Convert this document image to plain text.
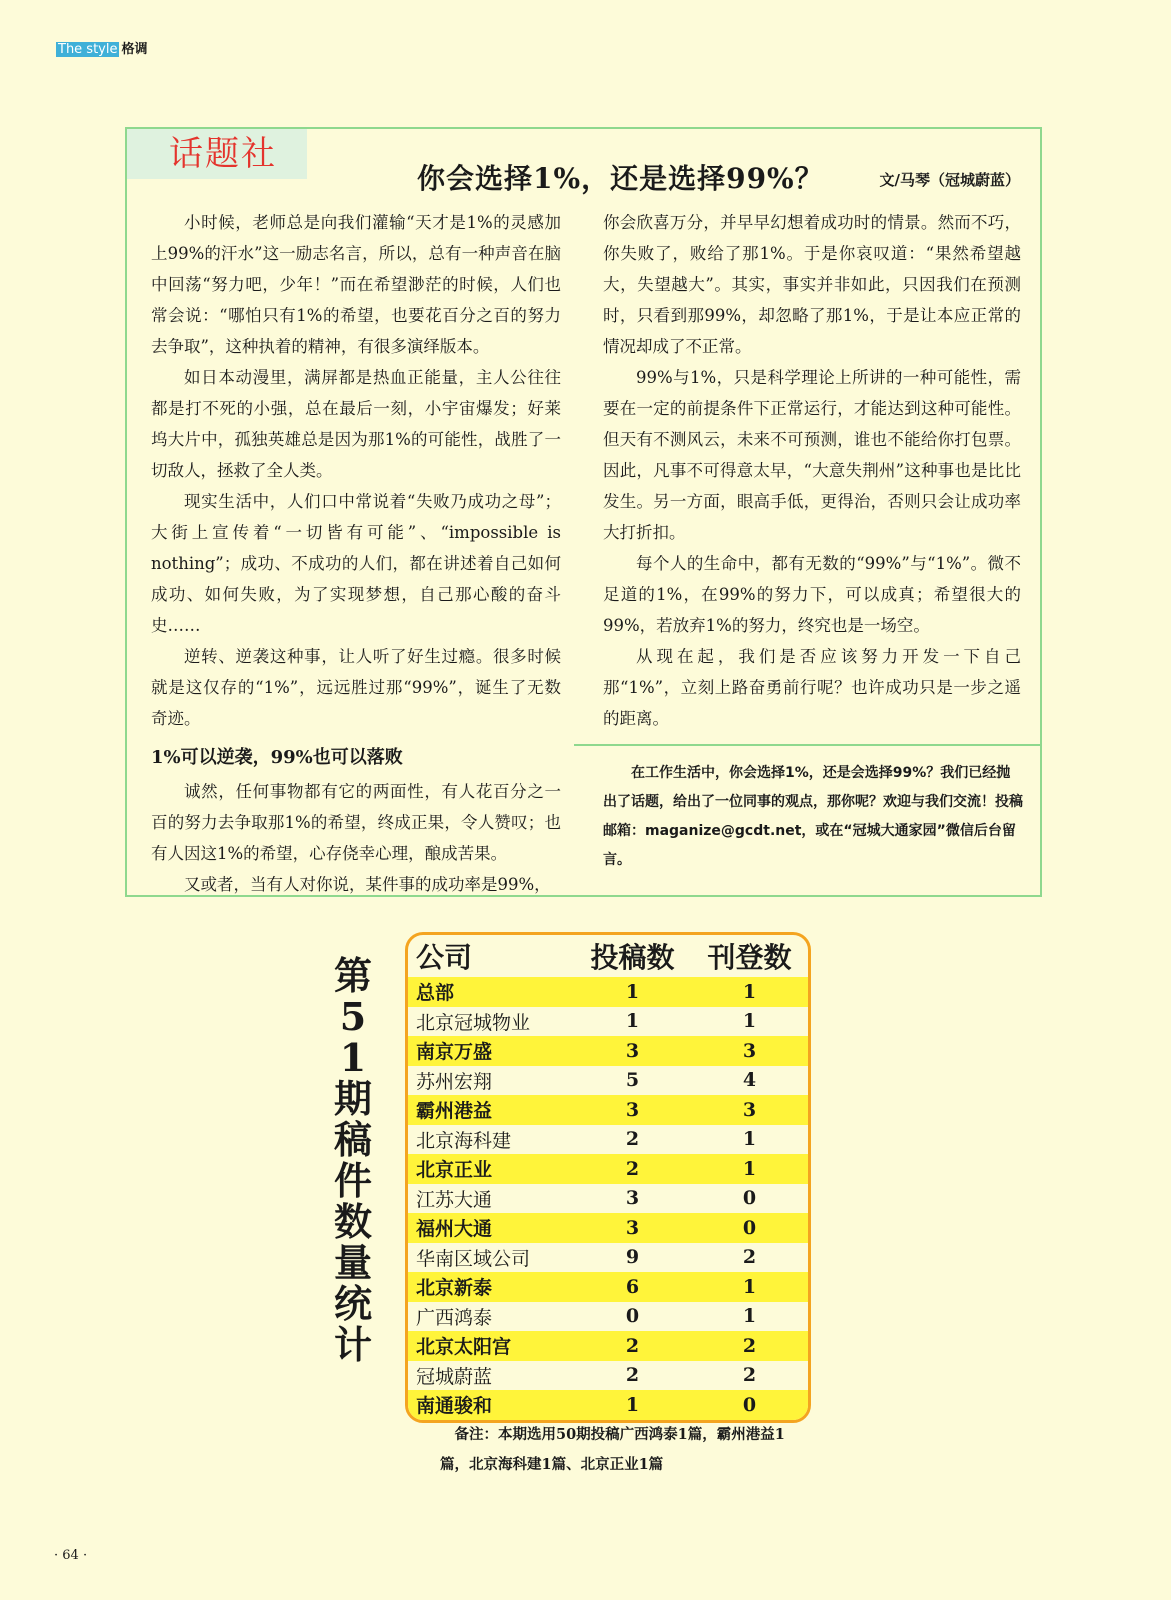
The style 格调
话题社
你会选择1%，还是选择99%？	文/马琴（冠城蔚蓝）

小时候，老师总是向我们灌输“天才是1%的灵感加上99%的汗水”这一励志名言，所以，总有一种声音在脑中回荡“努力吧，少年！”而在希望渺茫的时候，人们也常会说：“哪怕只有1%的希望，也要花百分之百的努力去争取”，这种执着的精神，有很多演绎版本。

如日本动漫里，满屏都是热血正能量，主人公往往都是打不死的小强，总在最后一刻，小宇宙爆发；好莱坞大片中，孤独英雄总是因为那1%的可能性，战胜了一切敌人，拯救了全人类。

现实生活中，人们口中常说着“失败乃成功之母”；大街上宣传着“一切皆有可能”、“impossible is nothing”；成功、不成功的人们，都在讲述着自己如何成功、如何失败，为了实现梦想，自己那心酸的奋斗史……

逆转、逆袭这种事，让人听了好生过瘾。很多时候就是这仅存的“1%”，远远胜过那“99%”，诞生了无数奇迹。

1%可以逆袭，99%也可以落败

诚然，任何事物都有它的两面性，有人花百分之一百的努力去争取那1%的希望，终成正果，令人赞叹；也有人因这1%的希望，心存侥幸心理，酿成苦果。

又或者，当有人对你说，某件事的成功率是99%，

你会欣喜万分，并早早幻想着成功时的情景。然而不巧，你失败了，败给了那1%。于是你哀叹道：“果然希望越大，失望越大”。其实，事实并非如此，只因我们在预测时，只看到那99%，却忽略了那1%，于是让本应正常的情况却成了不正常。

99%与1%，只是科学理论上所讲的一种可能性，需要在一定的前提条件下正常运行，才能达到这种可能性。但天有不测风云，未来不可预测，谁也不能给你打包票。因此，凡事不可得意太早，“大意失荆州”这种事也是比比发生。另一方面，眼高手低，更得治，否则只会让成功率大打折扣。

每个人的生命中，都有无数的“99%”与“1%”。微不足道的1%，在99%的努力下，可以成真；希望很大的99%，若放弃1%的努力，终究也是一场空。

从现在起，我们是否应该努力开发一下自己那“1%”，立刻上路奋勇前行呢？也许成功只是一步之遥的距离。

在工作生活中，你会选择1%，还是会选择99%？我们已经抛出了话题，给出了一位同事的观点，那你呢？欢迎与我们交流！投稿邮箱：maganize@gcdt.net，或在“冠城大通家园”微信后台留言。
第51期稿件数量统计
公司	投稿数	刊登数
总部	1	1
北京冠城物业	1	1
南京万盛	3	3
苏州宏翔	5	4
霸州港益	3	3
北京海科建	2	1
北京正业	2	1
江苏大通	3	0
福州大通	3	0
华南区域公司	9	2
北京新泰	6	1
广西鸿泰	0	1
北京太阳宫	2	2
冠城蔚蓝	2	2
南通骏和	1	0
备注：本期选用50期投稿广西鸿泰1篇，霸州港益1篇，北京海科建1篇、北京正业1篇
· 64 ·
